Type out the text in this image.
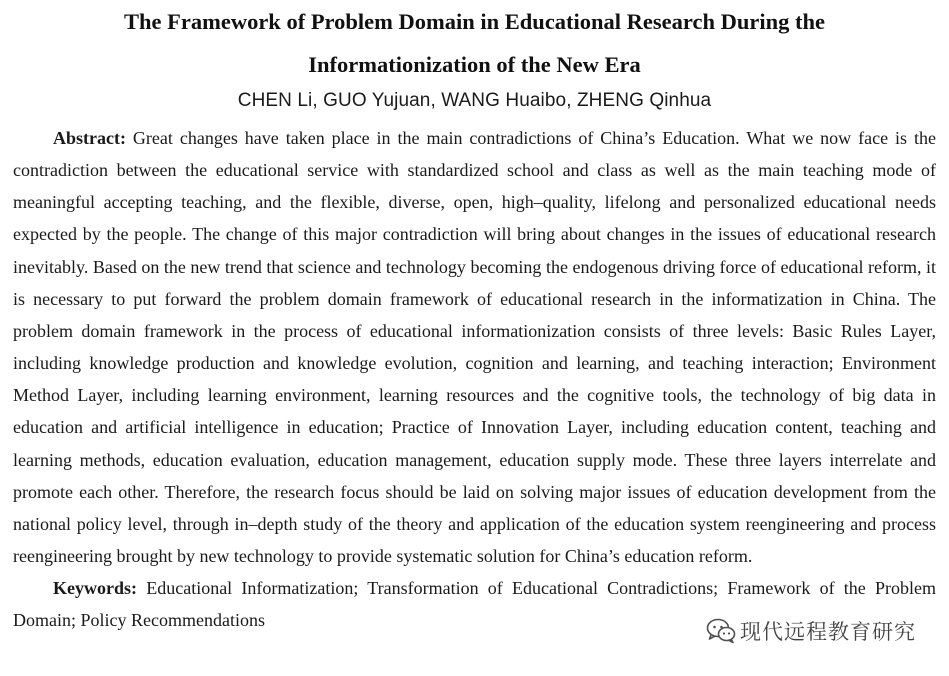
The Framework of Problem Domain in Educational Research During the
Informationization of the New Era
CHEN Li, GUO Yujuan, WANG Huaibo, ZHENG Qinhua

Abstract: Great changes have taken place in the main contradictions of China’s Education. What we now face is the contradiction between the educational service with standardized school and class as well as the main teaching mode of meaningful accepting teaching, and the flexible, diverse, open, high–quality, lifelong and personalized educational needs expected by the people. The change of this major contradiction will bring about changes in the issues of educational research inevitably. Based on the new trend that science and technology becoming the endogenous driving force of educational reform, it is necessary to put forward the problem domain framework of educational research in the informatization in China. The problem domain framework in the process of educational informationization consists of three levels: Basic Rules Layer, including knowledge production and knowledge evolution, cognition and learning, and teaching interaction; Environment Method Layer, including learning environment, learning resources and the cognitive tools, the technology of big data in education and artificial intelligence in education; Practice of Innovation Layer, including education content, teaching and learning methods, education evaluation, education management, education supply mode. These three layers interrelate and promote each other. Therefore, the research focus should be laid on solving major issues of education development from the national policy level, through in–depth study of the theory and application of the education system reengineering and process reengineering brought by new technology to provide systematic solution for China’s education reform.

Keywords: Educational Informatization; Transformation of Educational Contradictions; Framework of the Problem Domain; Policy Recommendations	现代远程教育研究
